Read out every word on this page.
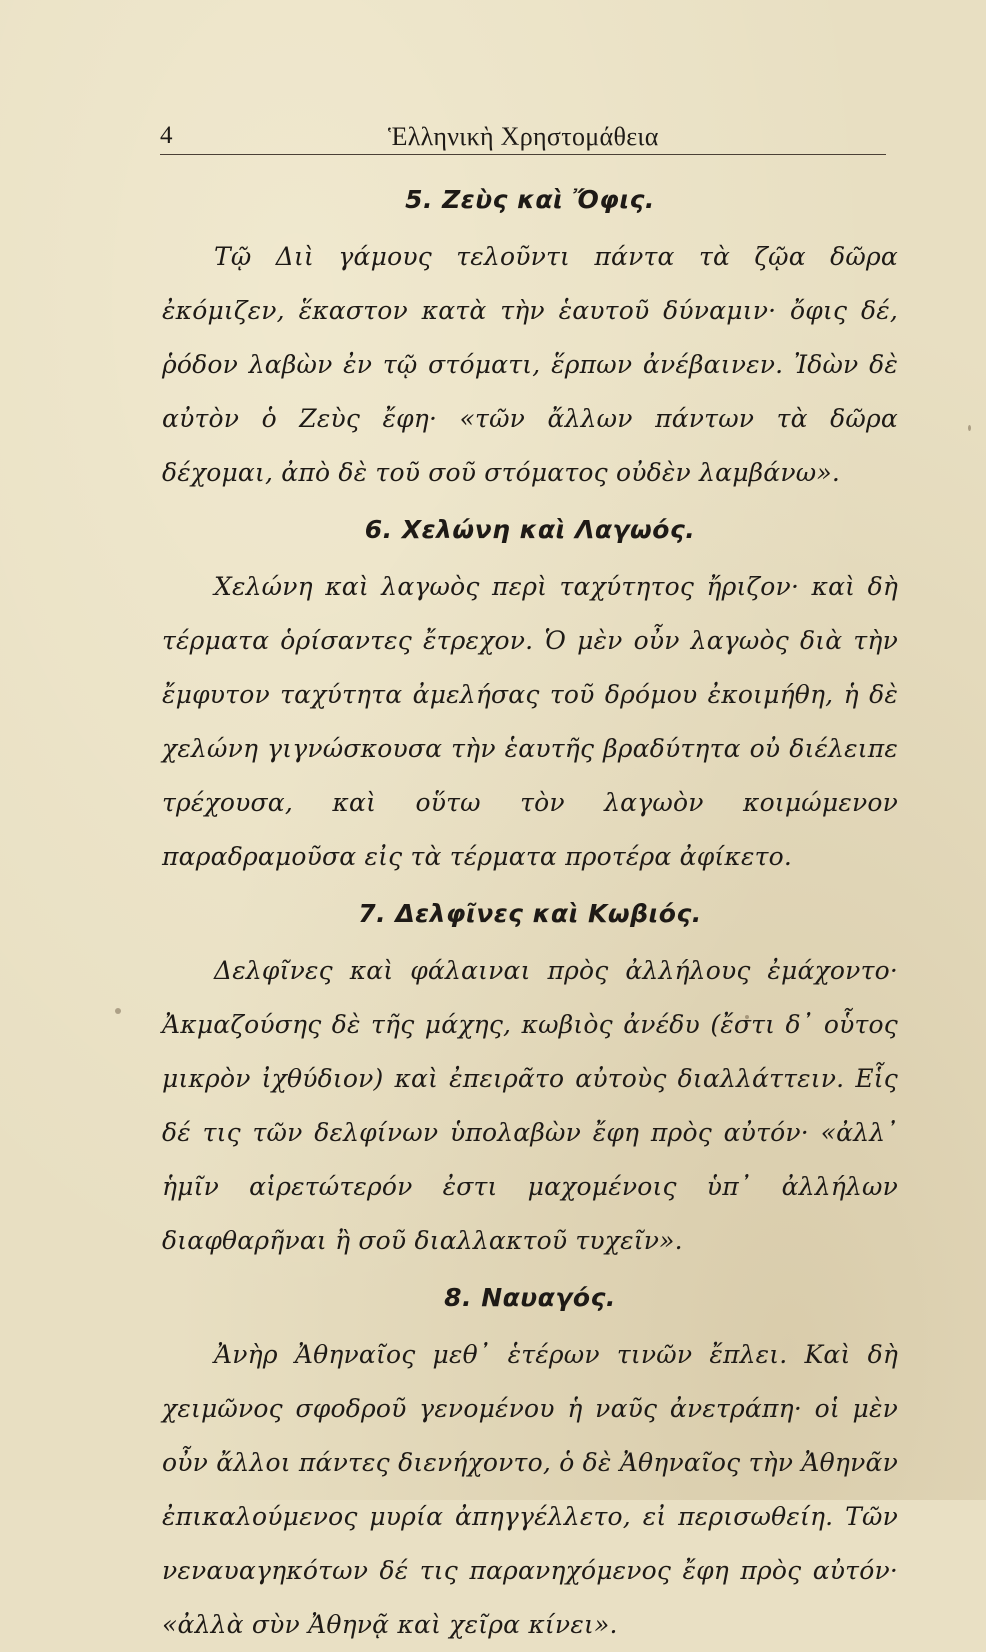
4	Ἑλληνικὴ Χρηστομάθεια
5. Ζεὺς καὶ Ὄφις.

Τῷ Διὶ γάμους τελοῦντι πάντα τὰ ζῷα δῶρα ἐκόμιζεν, ἕκαστον κατὰ τὴν ἑαυτοῦ δύναμιν· ὄφις δέ, ῥόδον λαβὼν ἐν τῷ στόματι, ἕρπων ἀνέβαινεν. Ἰδὼν δὲ αὐτὸν ὁ Ζεὺς ἔφη· «τῶν ἄλλων πάντων τὰ δῶρα δέχομαι, ἀπὸ δὲ τοῦ σοῦ στόματος οὐδὲν λαμβάνω».

6. Χελώνη καὶ Λαγωός.

Χελώνη καὶ λαγωὸς περὶ ταχύτητος ἤριζον· καὶ δὴ τέρματα ὁρίσαντες ἔτρεχον. Ὁ μὲν οὖν λαγωὸς διὰ τὴν ἔμφυτον ταχύτητα ἀμελήσας τοῦ δρόμου ἐκοιμήθη, ἡ δὲ χελώνη γιγνώσκουσα τὴν ἑαυτῆς βραδύτητα οὐ διέλειπε τρέχουσα, καὶ οὕτω τὸν λαγωὸν κοιμώμενον παραδραμοῦσα εἰς τὰ τέρματα προτέρα ἀφίκετο.

7. Δελφῖνες καὶ Κωβιός.

Δελφῖνες καὶ φάλαιναι πρὸς ἀλλήλους ἐμάχοντο· Ἀκμαζούσης δὲ τῆς μάχης, κωβιὸς ἀνέδυ (ἔστι δ᾽ οὗτος μικρὸν ἰχθύδιον) καὶ ἐπειρᾶτο αὐτοὺς διαλλάττειν. Εἷς δέ τις τῶν δελφίνων ὑπολαβὼν ἔφη πρὸς αὐτόν· «ἀλλ᾽ ἡμῖν αἱρετώτερόν ἐστι μαχομένοις ὑπ᾽ ἀλλήλων διαφθαρῆναι ἢ σοῦ διαλλακτοῦ τυχεῖν».

8. Ναυαγός.

Ἀνὴρ Ἀθηναῖος μεθ᾽ ἑτέρων τινῶν ἔπλει. Καὶ δὴ χειμῶνος σφοδροῦ γενομένου ἡ ναῦς ἀνετράπη· οἱ μὲν οὖν ἄλλοι πάντες διενήχοντο, ὁ δὲ Ἀθηναῖος τὴν Ἀθηνᾶν ἐπικαλούμενος μυρία ἀπηγγέλλετο, εἰ περισωθείη. Τῶν νεναυαγηκότων δέ τις παρανηχόμενος ἔφη πρὸς αὐτόν· «ἀλλὰ σὺν Ἀθηνᾷ καὶ χεῖρα κίνει».
